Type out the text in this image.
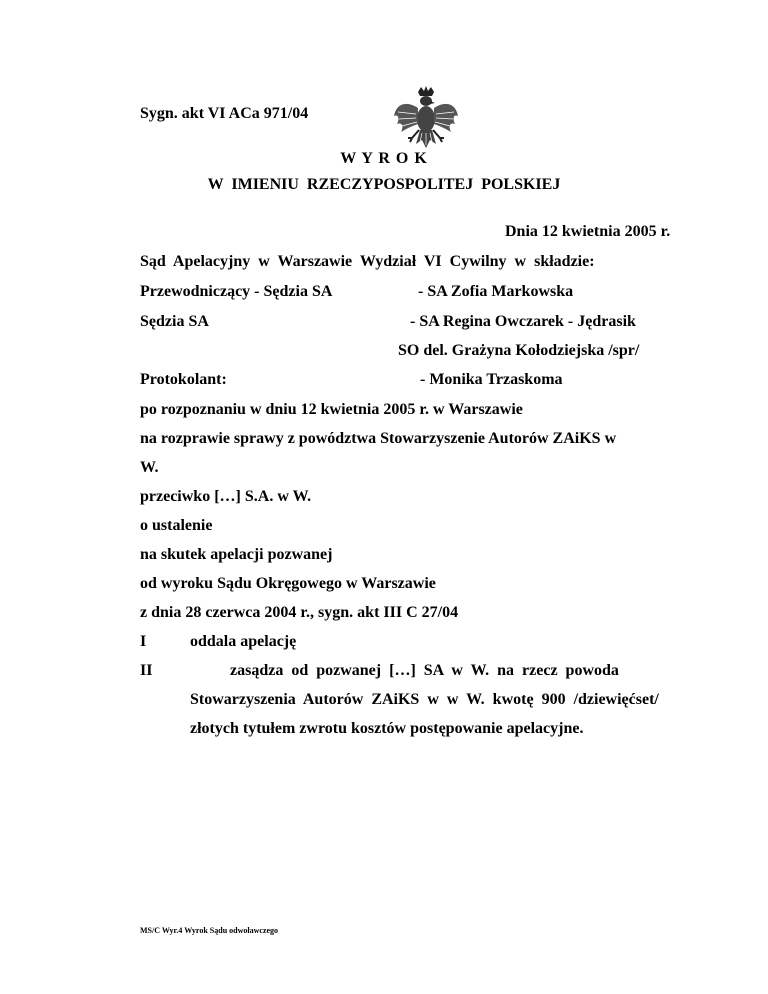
Sygn. akt VI ACa 971/04
W Y R O K
W  IMIENIU  RZECZYPOSPOLITEJ  POLSKIEJ
Dnia 12 kwietnia 2005 r.
Sąd  Apelacyjny  w  Warszawie  Wydział  VI  Cywilny  w  składzie:
Przewodniczący - Sędzia SA	- SA Zofia Markowska
Sędzia SA	- SA Regina Owczarek - Jędrasik
SO del. Grażyna Kołodziejska /spr/
Protokolant:	- Monika Trzaskoma
po rozpoznaniu w dniu 12 kwietnia 2005 r. w Warszawie
na rozprawie sprawy z powództwa Stowarzyszenie Autorów ZAiKS w
W.
przeciwko […] S.A. w W.
o ustalenie
na skutek apelacji pozwanej
od wyroku Sądu Okręgowego w Warszawie
z dnia 28 czerwca 2004 r., sygn. akt III C 27/04
I	oddala apelację
II	zasądza  od  pozwanej  […]  SA  w  W.  na  rzecz  powoda
Stowarzyszenia  Autorów  ZAiKS  w  w  W.  kwotę  900  /dziewięćset/
złotych tytułem zwrotu kosztów postępowanie apelacyjne.
MS/C Wyr.4 Wyrok Sądu odwoławczego
